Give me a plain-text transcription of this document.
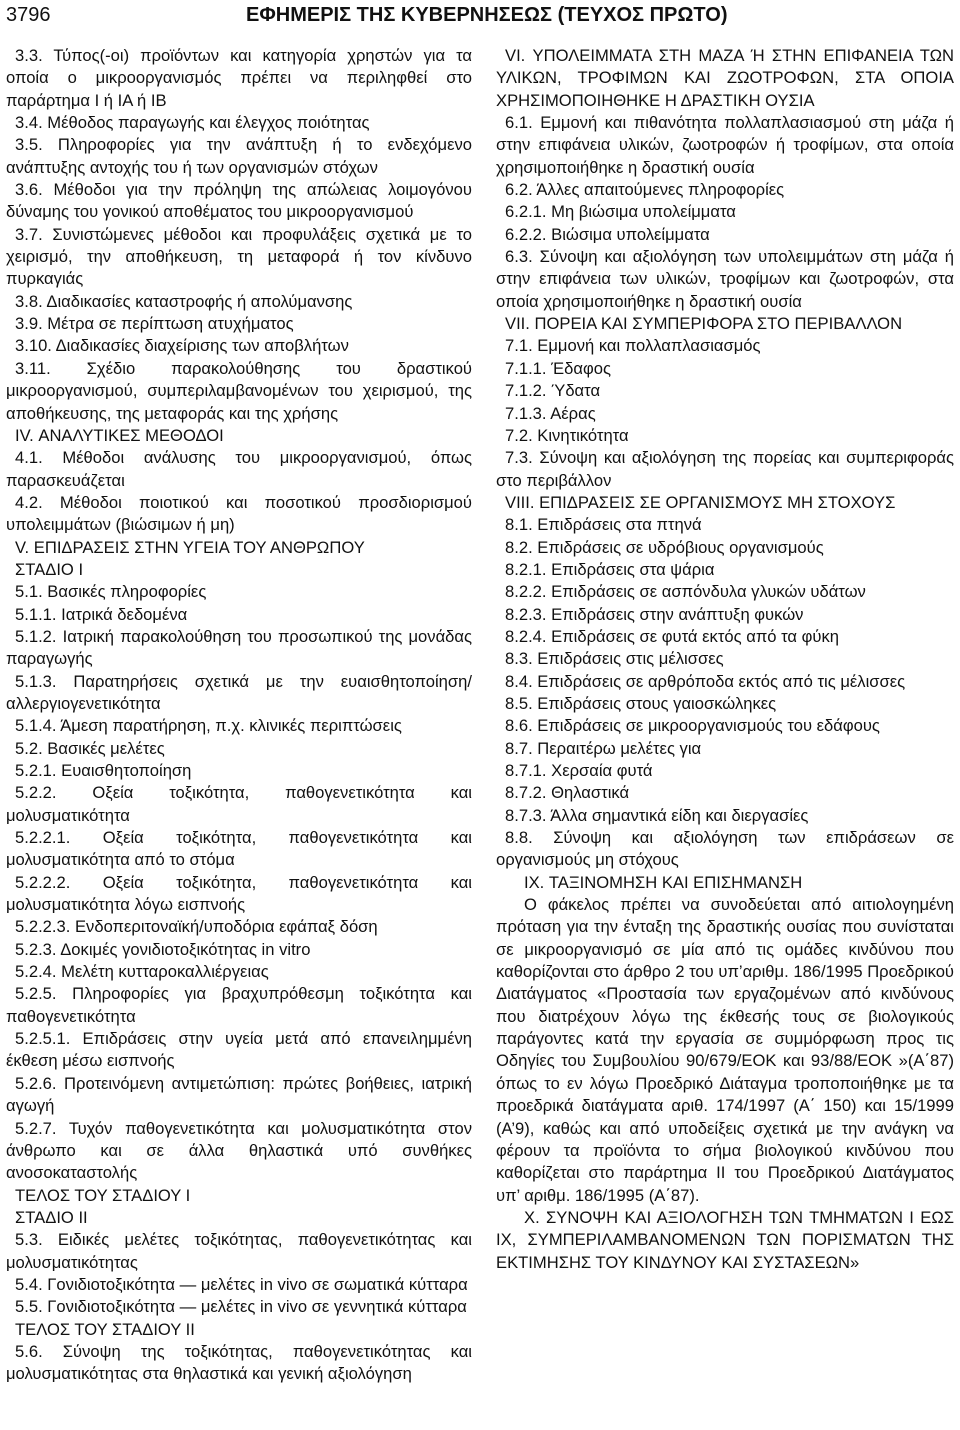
3796	ΕΦΗΜΕΡΙΣ ΤΗΣ ΚΥΒΕΡΝΗΣΕΩΣ (ΤΕΥΧΟΣ ΠΡΩΤΟ)

3.3. Τύπος(-οι) προϊόντων και κατηγορία χρηστών για τα οποία ο μικροοργανισμός πρέπει να περιληφθεί στο παράρτημα I ή IA ή IB

3.4. Μέθοδος παραγωγής και έλεγχος ποιότητας

3.5. Πληροφορίες για την ανάπτυξη ή το ενδεχόμενο ανάπτυξης αντοχής του ή των οργανισμών στόχων

3.6. Μέθοδοι για την πρόληψη της απώλειας λοιμογόνου δύναμης του γονικού αποθέματος του μικροοργανισμού

3.7. Συνιστώμενες μέθοδοι και προφυλάξεις σχετικά με το χειρισμό, την αποθήκευση, τη μεταφορά ή τον κίνδυνο πυρκαγιάς

3.8. Διαδικασίες καταστροφής ή απολύμανσης

3.9. Μέτρα σε περίπτωση ατυχήματος

3.10. Διαδικασίες διαχείρισης των αποβλήτων

3.11. Σχέδιο παρακολούθησης του δραστικού μικροοργανισμού, συμπεριλαμβανομένων του χειρισμού, της αποθήκευσης, της μεταφοράς και της χρήσης

IV. ΑΝΑΛΥΤΙΚΕΣ ΜΕΘΟΔΟΙ

4.1. Μέθοδοι ανάλυσης του μικροοργανισμού, όπως παρασκευάζεται

4.2. Μέθοδοι ποιοτικού και ποσοτικού προσδιορισμού υπολειμμάτων (βιώσιμων ή μη)

V. ΕΠΙΔΡΑΣΕΙΣ ΣΤΗΝ ΥΓΕΙΑ ΤΟΥ ΑΝΘΡΩΠΟΥ

ΣΤΑΔΙΟ I

5.1. Βασικές πληροφορίες

5.1.1. Ιατρικά δεδομένα

5.1.2. Ιατρική παρακολούθηση του προσωπικού της μονάδας παραγωγής

5.1.3. Παρατηρήσεις σχετικά με την ευαισθητοποίηση/αλλεργιογενετικότητα

5.1.4. Άμεση παρατήρηση, π.χ. κλινικές περιπτώσεις

5.2. Βασικές μελέτες

5.2.1. Ευαισθητοποίηση

5.2.2. Οξεία τοξικότητα, παθογενετικότητα και μολυσματικότητα

5.2.2.1. Οξεία τοξικότητα, παθογενετικότητα και μολυσματικότητα από το στόμα

5.2.2.2. Οξεία τοξικότητα, παθογενετικότητα και μολυσματικότητα λόγω εισπνοής

5.2.2.3. Ενδοπεριτοναϊκή/υποδόρια εφάπαξ δόση

5.2.3. Δοκιμές γονιδιοτοξικότητας in vitro

5.2.4. Μελέτη κυτταροκαλλιέργειας

5.2.5. Πληροφορίες για βραχυπρόθεσμη τοξικότητα και παθογενετικότητα

5.2.5.1. Επιδράσεις στην υγεία μετά από επανειλημμένη έκθεση μέσω εισπνοής

5.2.6. Προτεινόμενη αντιμετώπιση: πρώτες βοήθειες, ιατρική αγωγή

5.2.7. Τυχόν παθογενετικότητα και μολυσματικότητα στον άνθρωπο και σε άλλα θηλαστικά υπό συνθήκες ανοσοκαταστολής

ΤΕΛΟΣ ΤΟΥ ΣΤΑΔΙΟΥ I

ΣΤΑΔΙΟ II

5.3. Ειδικές μελέτες τοξικότητας, παθογενετικότητας και μολυσματικότητας

5.4. Γονιδιοτοξικότητα — μελέτες in vivo σε σωματικά κύτταρα

5.5. Γονιδιοτοξικότητα — μελέτες in vivo σε γεννητικά κύτταρα

ΤΕΛΟΣ ΤΟΥ ΣΤΑΔΙΟΥ II

5.6. Σύνοψη της τοξικότητας, παθογενετικότητας και μολυσματικότητας στα θηλαστικά και γενική αξιολόγηση

VI. ΥΠΟΛΕΙΜΜΑΤΑ ΣΤΗ ΜΑΖΑ Ή ΣΤΗΝ ΕΠΙΦΑΝΕΙΑ ΤΩΝ ΥΛΙΚΩΝ, ΤΡΟΦΙΜΩΝ ΚΑΙ ΖΩΟΤΡΟΦΩΝ, ΣΤΑ ΟΠΟΙΑ ΧΡΗΣΙΜΟΠΟΙΗΘΗΚΕ Η ΔΡΑΣΤΙΚΗ ΟΥΣΙΑ

6.1. Εμμονή και πιθανότητα πολλαπλασιασμού στη μάζα ή στην επιφάνεια υλικών, ζωοτροφών ή τροφίμων, στα οποία χρησιμοποιήθηκε η δραστική ουσία

6.2. Άλλες απαιτούμενες πληροφορίες

6.2.1. Μη βιώσιμα υπολείμματα

6.2.2. Βιώσιμα υπολείμματα

6.3. Σύνοψη και αξιολόγηση των υπολειμμάτων στη μάζα ή στην επιφάνεια των υλικών, τροφίμων και ζωοτροφών, στα οποία χρησιμοποιήθηκε η δραστική ουσία

VII. ΠΟΡΕΙΑ ΚΑΙ ΣΥΜΠΕΡΙΦΟΡΑ ΣΤΟ ΠΕΡΙΒΑΛΛΟΝ

7.1. Εμμονή και πολλαπλασιασμός

7.1.1. Έδαφος

7.1.2. Ύδατα

7.1.3. Αέρας

7.2. Κινητικότητα

7.3. Σύνοψη και αξιολόγηση της πορείας και συμπεριφοράς στο περιβάλλον

VIII. ΕΠΙΔΡΑΣΕΙΣ ΣΕ ΟΡΓΑΝΙΣΜΟΥΣ ΜΗ ΣΤΟΧΟΥΣ

8.1. Επιδράσεις στα πτηνά

8.2. Επιδράσεις σε υδρόβιους οργανισμούς

8.2.1. Επιδράσεις στα ψάρια

8.2.2. Επιδράσεις σε ασπόνδυλα γλυκών υδάτων

8.2.3. Επιδράσεις στην ανάπτυξη φυκών

8.2.4. Επιδράσεις σε φυτά εκτός από τα φύκη

8.3. Επιδράσεις στις μέλισσες

8.4. Επιδράσεις σε αρθρόποδα εκτός από τις μέλισσες

8.5. Επιδράσεις στους γαιοσκώληκες

8.6. Επιδράσεις σε μικροοργανισμούς του εδάφους

8.7. Περαιτέρω μελέτες για

8.7.1. Χερσαία φυτά

8.7.2. Θηλαστικά

8.7.3. Άλλα σημαντικά είδη και διεργασίες

8.8. Σύνοψη και αξιολόγηση των επιδράσεων σε οργανισμούς μη στόχους

IX. ΤΑΞΙΝΟΜΗΣΗ ΚΑΙ ΕΠΙΣΗΜΑΝΣΗ

Ο φάκελος πρέπει να συνοδεύεται από αιτιολογημένη πρόταση για την ένταξη της δραστικής ουσίας που συνίσταται σε μικροοργανισμό σε μία από τις ομάδες κινδύνου που καθορίζονται στο άρθρο 2 του υπ’αριθμ. 186/1995 Προεδρικού Διατάγματος «Προστασία των εργαζομένων από κινδύνους που διατρέχουν λόγω της έκθεσής τους σε βιολογικούς παράγοντες κατά την εργασία σε συμμόρφωση προς τις Οδηγίες του Συμβουλίου 90/679/ΕΟΚ και 93/88/ΕΟΚ »(Α΄87) όπως το εν λόγω Προεδρικό Διάταγμα τροποποιήθηκε με τα προεδρικά διατάγματα αριθ. 174/1997 (Α΄ 150) και 15/1999 (Α’9), καθώς και από υποδείξεις σχετικά με την ανάγκη να φέρουν τα προϊόντα το σήμα βιολογικού κινδύνου που καθορίζεται στο παράρτημα II του Προεδρικού Διατάγματος υπ’ αριθμ. 186/1995 (Α΄87).

X. ΣΥΝΟΨΗ ΚΑΙ ΑΞΙΟΛΟΓΗΣΗ ΤΩΝ ΤΜΗΜΑΤΩΝ I ΕΩΣ IX, ΣΥΜΠΕΡΙΛΑΜΒΑΝΟΜΕΝΩΝ ΤΩΝ ΠΟΡΙΣΜΑΤΩΝ ΤΗΣ ΕΚΤΙΜΗΣΗΣ ΤΟΥ ΚΙΝΔΥΝΟΥ ΚΑΙ ΣΥΣΤΑΣΕΩΝ»
